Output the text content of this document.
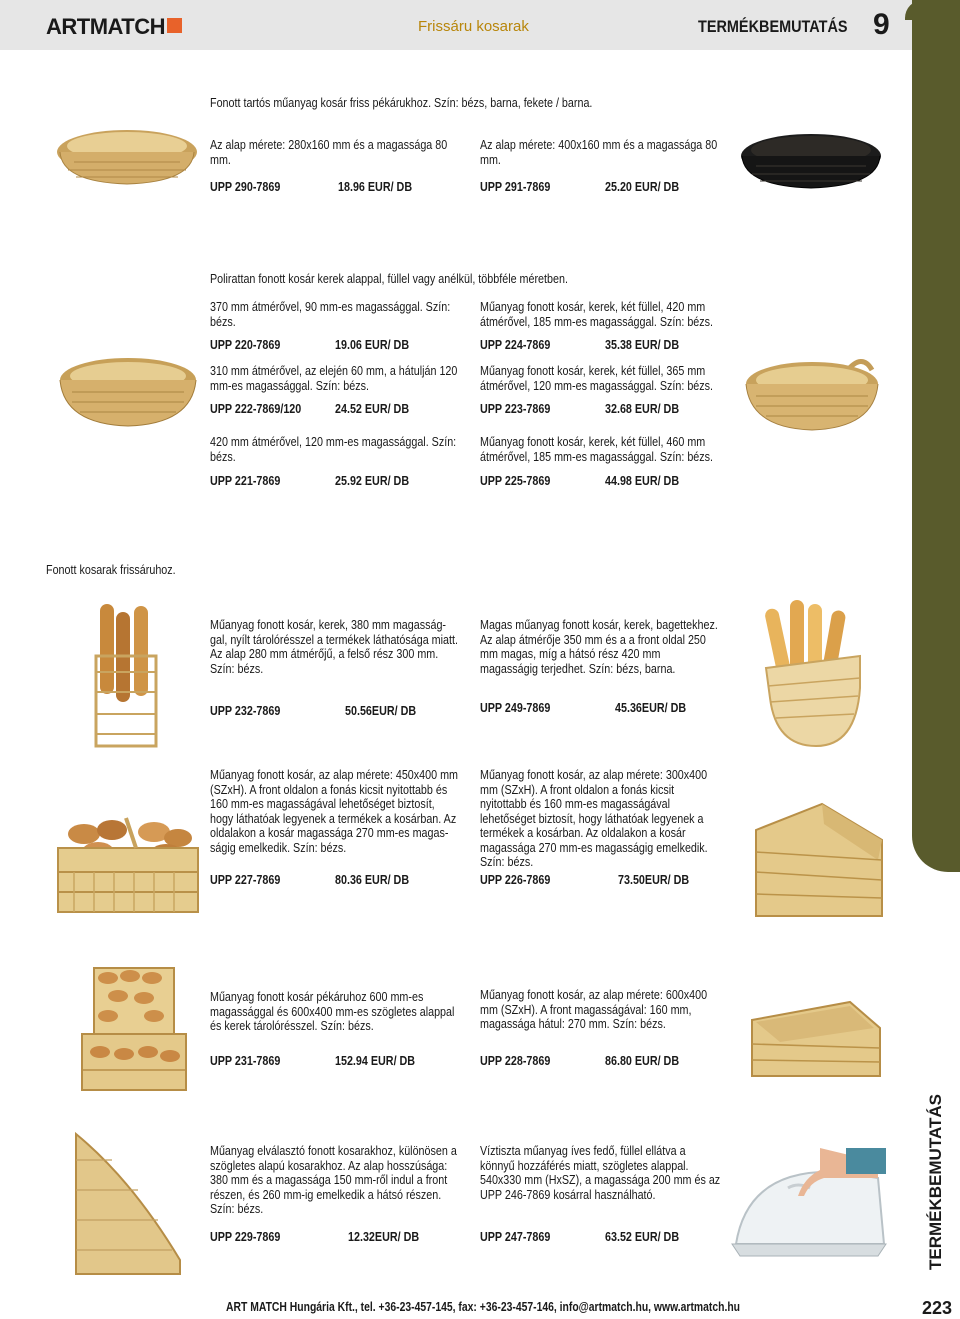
ARTMATCH	Frissáru kosarak	TERMÉKBEMUTATÁS 9
Fonott tartós műanyag kosár friss pékárukhoz. Szín: bézs, barna, fekete / barna.
Az alap mérete: 280x160 mm és a magassága 80 mm.
UPP 290-7869	18.96 EUR/ DB
Az alap mérete: 400x160 mm és a magassága 80 mm.
UPP 291-7869	25.20 EUR/ DB
Polirattan fonott kosár kerek alappal, füllel vagy anélkül, többféle méretben.
370 mm átmérővel, 90 mm-es magassággal. Szín: bézs.
UPP 220-7869	19.06 EUR/ DB
310 mm átmérővel, az elején 60 mm, a hátulján 120 mm-es magassággal. Szín: bézs.
UPP 222-7869/120	24.52 EUR/ DB
420 mm átmérővel, 120 mm-es magassággal. Szín: bézs.
UPP 221-7869	25.92 EUR/ DB
Műanyag fonott kosár, kerek, két füllel, 420 mm átmérővel, 185 mm-es magassággal. Szín: bézs.
UPP 224-7869	35.38 EUR/ DB
Műanyag fonott kosár, kerek, két füllel, 365 mm átmérővel, 120 mm-es magassággal. Szín: bézs.
UPP 223-7869	32.68 EUR/ DB
Műanyag fonott kosár, kerek, két füllel, 460 mm átmérővel, 185 mm-es magassággal. Szín: bézs.
UPP 225-7869	44.98 EUR/ DB
Fonott kosarak frissáruhoz.
Műanyag fonott kosár, kerek, 380 mm magasság-gal, nyílt tárolórésszel a termékek láthatósága miatt. Az alap 280 mm átmérőjű, a felső rész 300 mm. Szín: bézs.
UPP 232-7869	50.56EUR/ DB
Magas műanyag fonott kosár, kerek, bagettekhez. Az alap átmérője 350 mm és a a front oldal 250 mm magas, míg a hátsó rész 420 mm magasságig terjedhet. Szín: bézs, barna.
UPP 249-7869	45.36EUR/ DB
Műanyag fonott kosár, az alap mérete: 450x400 mm (SZxH). A front oldalon a fonás kicsit nyitottabb és 160 mm-es magasságával lehetőséget biztosít, hogy láthatóak legyenek a termékek a kosárban. Az oldalakon a kosár magassága 270 mm-es magas-ságig emelkedik. Szín: bézs.
UPP 227-7869	80.36 EUR/ DB
Műanyag fonott kosár, az alap mérete: 300x400 mm (SZxH). A front oldalon a fonás kicsit nyitottabb és 160 mm-es magasságával lehetőséget biztosít, hogy láthatóak legyenek a termékek a kosárban. Az oldalakon a kosár magassága 270 mm-es magasságig emelkedik. Szín: bézs.
UPP 226-7869	73.50EUR/ DB
Műanyag fonott kosár pékáruhoz 600 mm-es magassággal és 600x400 mm-es szögletes alappal és kerek tárolórésszel. Szín: bézs.
UPP 231-7869	152.94 EUR/ DB
Műanyag fonott kosár, az alap mérete: 600x400 mm (SZxH). A front magasságával: 160 mm, magassága hátul: 270 mm. Szín: bézs.
UPP 228-7869	86.80 EUR/ DB
Műanyag elválasztó fonott kosarakhoz, különösen a szögletes alapú kosarakhoz. Az alap hosszúsága: 380 mm és a magassága 150 mm-ről indul a front részen, és 260 mm-ig emelkedik a hátsó részen. Szín: bézs.
UPP 229-7869	12.32EUR/ DB
Víztiszta műanyag íves fedő, füllel ellátva a könnyű hozzáférés miatt, szögletes alappal. 540x330 mm (HxSZ), a magassága 200 mm és az UPP 246-7869 kosárral használható.
UPP 247-7869	63.52 EUR/ DB	TERMÉKBEMUTATÁS
223
ART MATCH Hungária Kft., tel. +36-23-457-145, fax: +36-23-457-146, info@artmatch.hu, www.artmatch.hu
